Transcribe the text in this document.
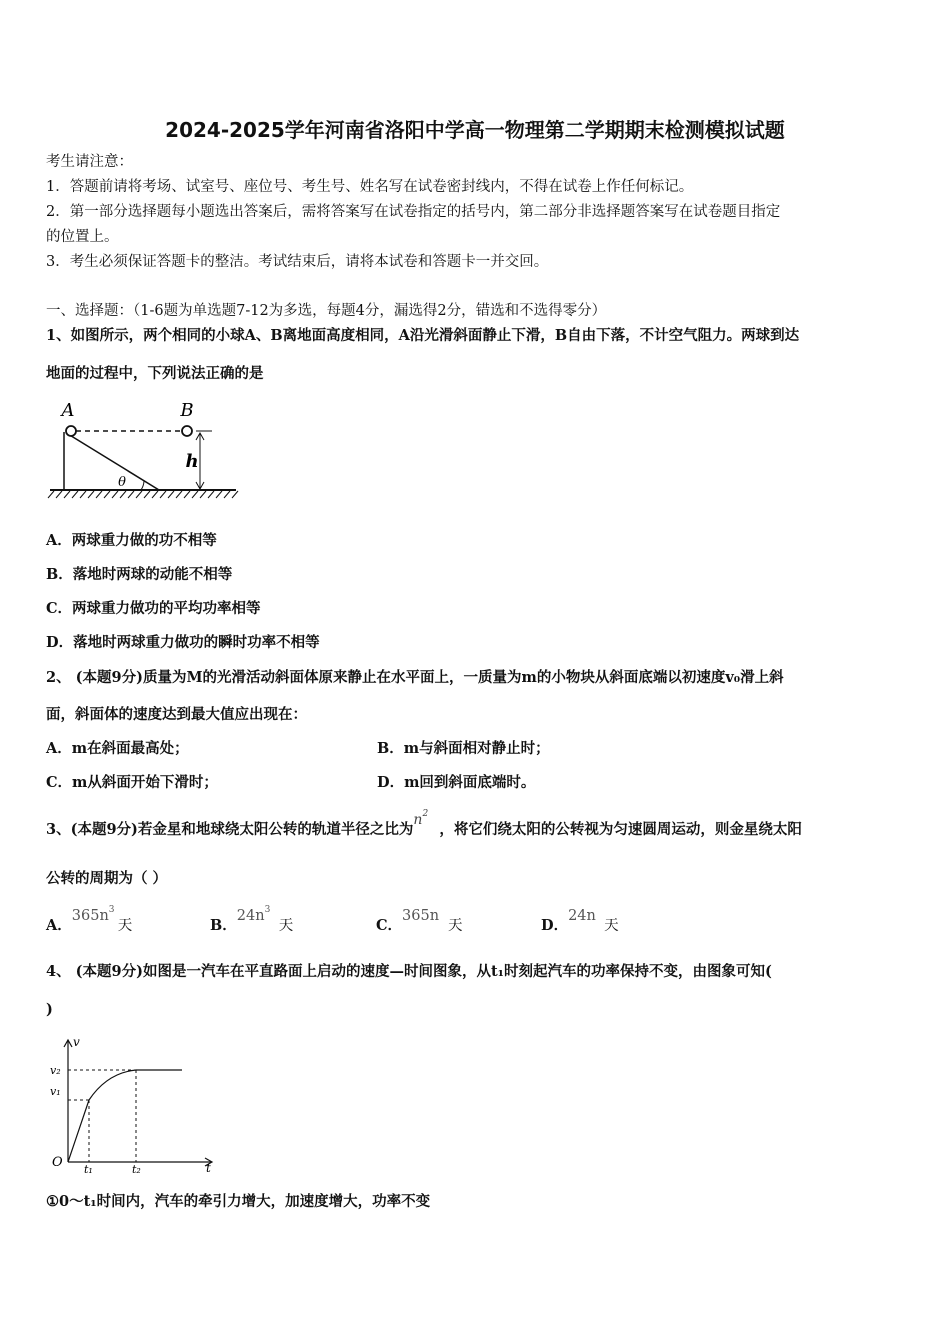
2024-2025学年河南省洛阳中学高一物理第二学期期末检测模拟试题
考生请注意：
1．答题前请将考场、试室号、座位号、考生号、姓名写在试卷密封线内，不得在试卷上作任何标记。
2．第一部分选择题每小题选出答案后，需将答案写在试卷指定的括号内，第二部分非选择题答案写在试卷题目指定
的位置上。
3．考生必须保证答题卡的整洁。考试结束后，请将本试卷和答题卡一并交回。
一、选择题：（1-6题为单选题7-12为多选，每题4分，漏选得2分，错选和不选得零分）
1、如图所示，两个相同的小球A、B离地面高度相同，A沿光滑斜面静止下滑，B自由下落，不计空气阻力。两球到达
地面的过程中，下列说法正确的是
A	B
h
θ
A．两球重力做的功不相等
B．落地时两球的动能不相等
C．两球重力做功的平均功率相等
D．落地时两球重力做功的瞬时功率不相等
2、 (本题9分)质量为M的光滑活动斜面体原来静止在水平面上，一质量为m的小物块从斜面底端以初速度v₀滑上斜
面，斜面体的速度达到最大值应出现在：
A．m在斜面最高处；	B．m与斜面相对静止时；
C．m从斜面开始下滑时；	D．m回到斜面底端时。
3、(本题9分)若金星和地球绕太阳公转的轨道半径之比为$n^2$，将它们绕太阳的公转视为匀速圆周运动，则金星绕太阳
公转的周期为（ ）
A．$365n^3$天	B．$24n^3$天	C．365n天	D．24n天
4、 (本题9分)如图是一汽车在平直路面上启动的速度—时间图象，从t₁时刻起汽车的功率保持不变，由图象可知(
)
v
t
O
v₂
v₁
t₁	t₂
①0～t₁时间内，汽车的牵引力增大，加速度增大，功率不变
